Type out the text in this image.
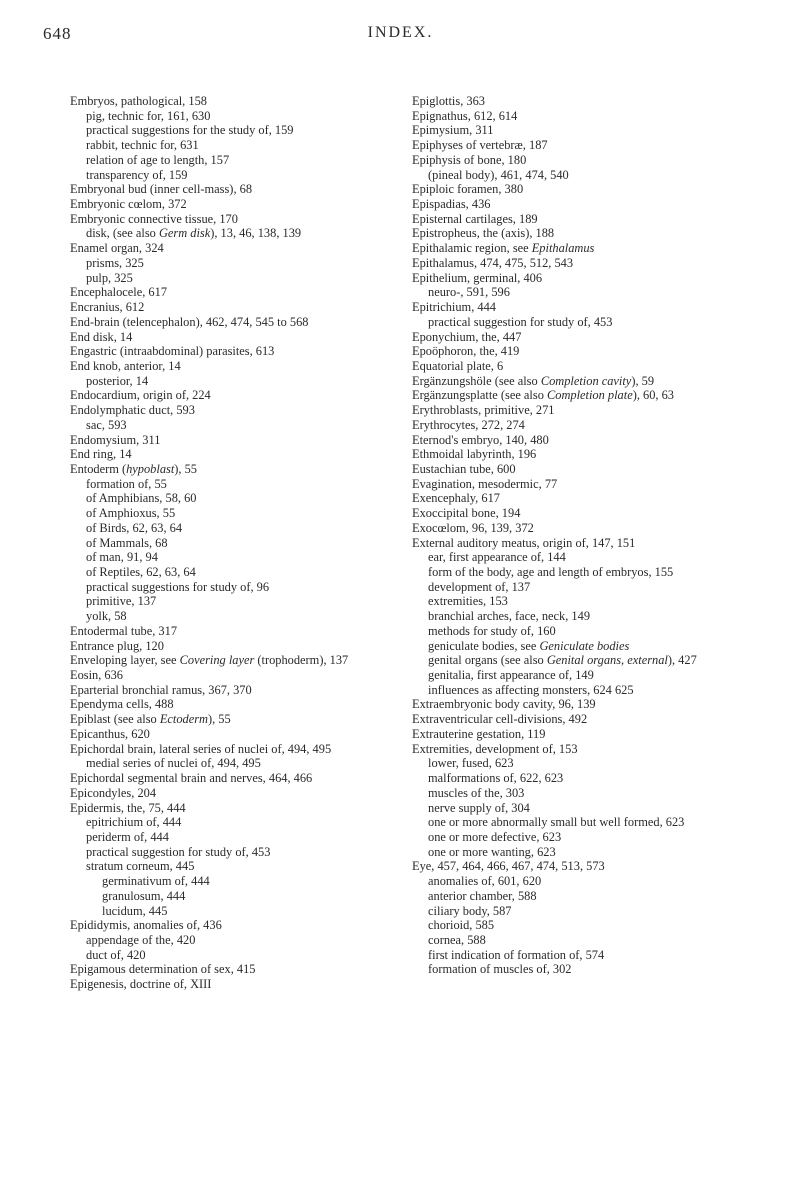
648	INDEX.
Embryos, pathological, 158
pig, technic for, 161, 630
practical suggestions for the study of, 159
rabbit, technic for, 631
relation of age to length, 157
transparency of, 159
Embryonal bud (inner cell-mass), 68
Embryonic cœlom, 372
Embryonic connective tissue, 170
disk, (see also Germ disk), 13, 46, 138, 139
Enamel organ, 324
prisms, 325
pulp, 325
Encephalocele, 617
Encranius, 612
End-brain (telencephalon), 462, 474, 545 to 568
End disk, 14
Engastric (intraabdominal) parasites, 613
End knob, anterior, 14
posterior, 14
Endocardium, origin of, 224
Endolymphatic duct, 593
sac, 593
Endomysium, 311
End ring, 14
Entoderm (hypoblast), 55
formation of, 55
of Amphibians, 58, 60
of Amphioxus, 55
of Birds, 62, 63, 64
of Mammals, 68
of man, 91, 94
of Reptiles, 62, 63, 64
practical suggestions for study of, 96
primitive, 137
yolk, 58
Entodermal tube, 317
Entrance plug, 120
Enveloping layer, see Covering layer (trophoderm), 137
Eosin, 636
Eparterial bronchial ramus, 367, 370
Ependyma cells, 488
Epiblast (see also Ectoderm), 55
Epicanthus, 620
Epichordal brain, lateral series of nuclei of, 494, 495
medial series of nuclei of, 494, 495
Epichordal segmental brain and nerves, 464, 466
Epicondyles, 204
Epidermis, the, 75, 444
epitrichium of, 444
periderm of, 444
practical suggestion for study of, 453
stratum corneum, 445
germinativum of, 444
granulosum, 444
lucidum, 445
Epididymis, anomalies of, 436
appendage of the, 420
duct of, 420
Epigamous determination of sex, 415
Epigenesis, doctrine of, XIII
Epiglottis, 363
Epignathus, 612, 614
Epimysium, 311
Epiphyses of vertebræ, 187
Epiphysis of bone, 180
(pineal body), 461, 474, 540
Epiploic foramen, 380
Epispadias, 436
Episternal cartilages, 189
Epistropheus, the (axis), 188
Epithalamic region, see Epithalamus
Epithalamus, 474, 475, 512, 543
Epithelium, germinal, 406
neuro-, 591, 596
Epitrichium, 444
practical suggestion for study of, 453
Eponychium, the, 447
Epoöphoron, the, 419
Equatorial plate, 6
Ergänzungshöle (see also Completion cavity), 59
Ergänzungsplatte (see also Completion plate), 60, 63
Erythroblasts, primitive, 271
Erythrocytes, 272, 274
Eternod's embryo, 140, 480
Ethmoidal labyrinth, 196
Eustachian tube, 600
Evagination, mesodermic, 77
Exencephaly, 617
Exoccipital bone, 194
Exocœlom, 96, 139, 372
External auditory meatus, origin of, 147, 151
ear, first appearance of, 144
form of the body, age and length of embryos, 155
development of, 137
extremities, 153
branchial arches, face, neck, 149
methods for study of, 160
geniculate bodies, see Geniculate bodies
genital organs (see also Genital organs, external), 427
genitalia, first appearance of, 149
influences as affecting monsters, 624 625
Extraembryonic body cavity, 96, 139
Extraventricular cell-divisions, 492
Extrauterine gestation, 119
Extremities, development of, 153
lower, fused, 623
malformations of, 622, 623
muscles of the, 303
nerve supply of, 304
one or more abnormally small but well formed, 623
one or more defective, 623
one or more wanting, 623
Eye, 457, 464, 466, 467, 474, 513, 573
anomalies of, 601, 620
anterior chamber, 588
ciliary body, 587
chorioid, 585
cornea, 588
first indication of formation of, 574
formation of muscles of, 302
